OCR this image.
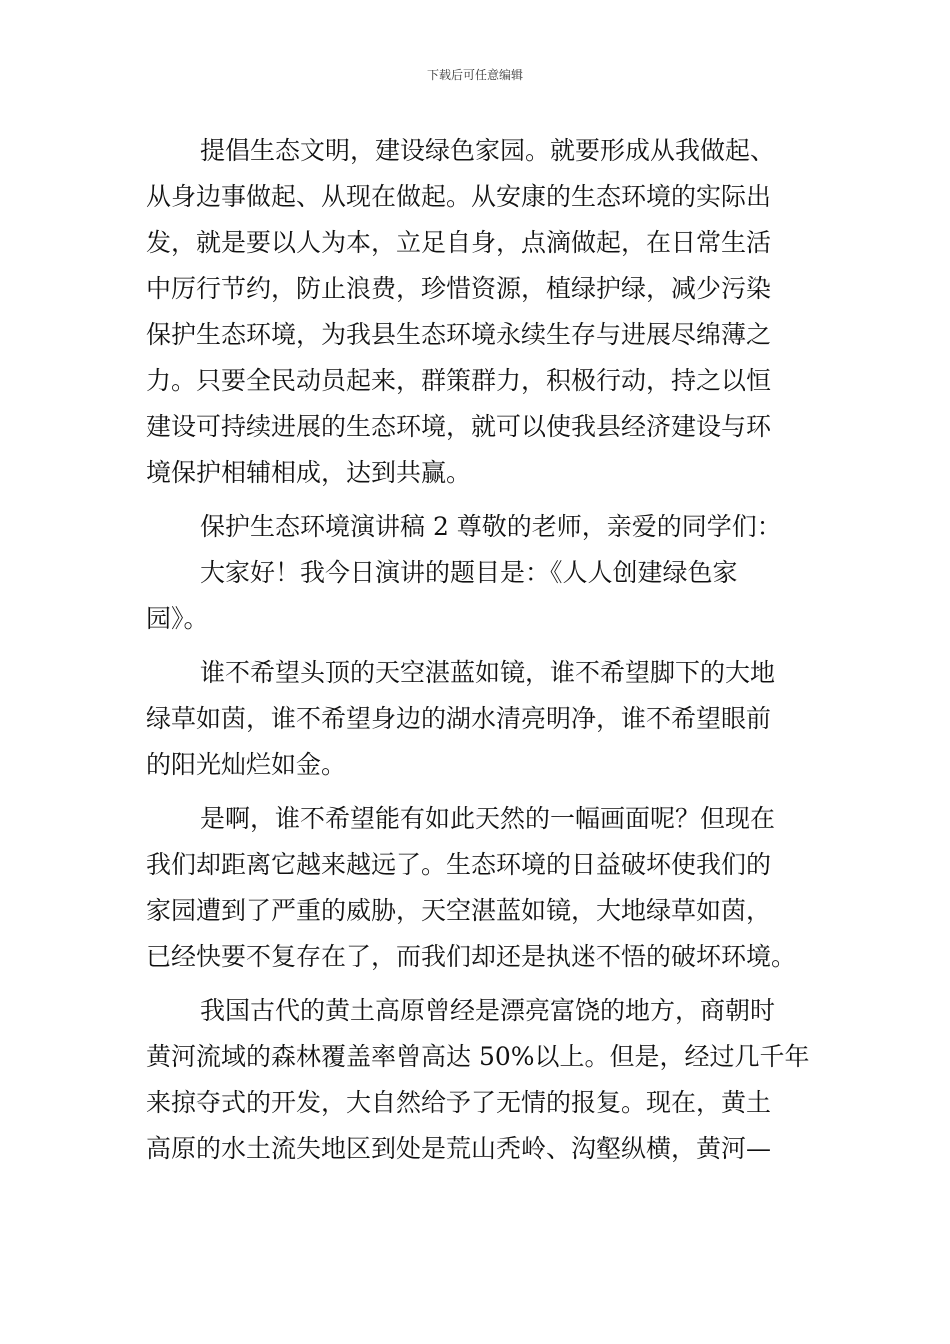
下载后可任意编辑
提倡生态文明，建设绿色家园。就要形成从我做起、
从身边事做起、从现在做起。从安康的生态环境的实际出
发，就是要以人为本，立足自身，点滴做起，在日常生活
中厉行节约，防止浪费，珍惜资源，植绿护绿，减少污染
保护生态环境，为我县生态环境永续生存与进展尽绵薄之
力。只要全民动员起来，群策群力，积极行动，持之以恒
建设可持续进展的生态环境，就可以使我县经济建设与环
境保护相辅相成，达到共赢。
保护生态环境演讲稿 2 尊敬的老师，亲爱的同学们：
大家好！我今日演讲的题目是：《人人创建绿色家
园》。
谁不希望头顶的天空湛蓝如镜，谁不希望脚下的大地
绿草如茵，谁不希望身边的湖水清亮明净，谁不希望眼前
的阳光灿烂如金。
是啊，谁不希望能有如此天然的一幅画面呢？但现在
我们却距离它越来越远了。生态环境的日益破坏使我们的
家园遭到了严重的威胁，天空湛蓝如镜，大地绿草如茵，
已经快要不复存在了，而我们却还是执迷不悟的破坏环境。
我国古代的黄土高原曾经是漂亮富饶的地方，商朝时
黄河流域的森林覆盖率曾高达 50%以上。但是，经过几千年
来掠夺式的开发，大自然给予了无情的报复。现在，黄土
高原的水土流失地区到处是荒山秃岭、沟壑纵横，黄河—
